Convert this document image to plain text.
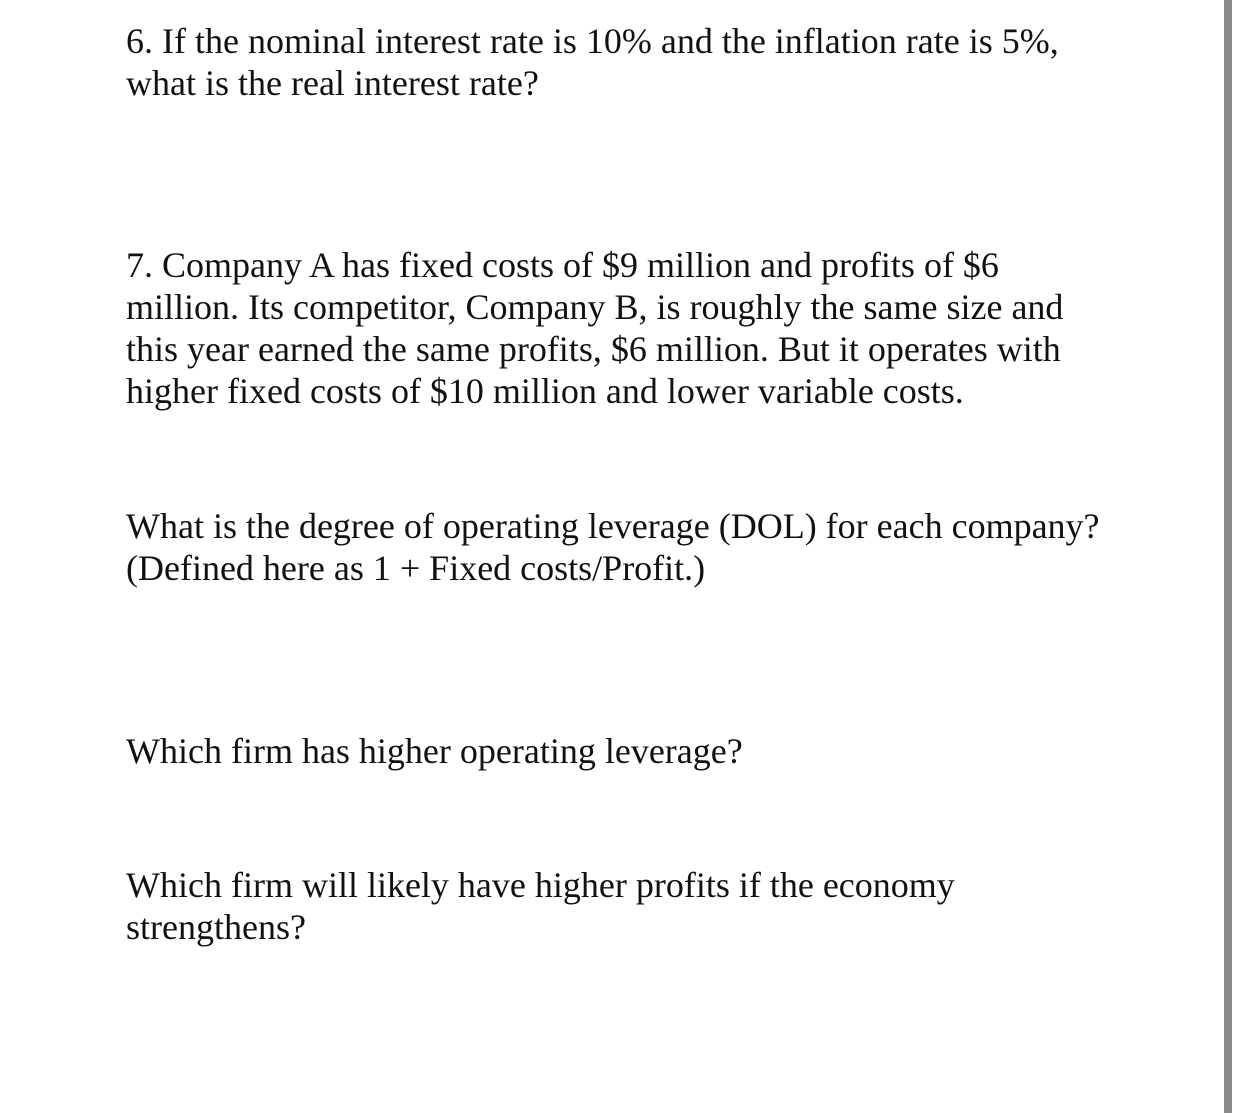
6. If the nominal interest rate is 10% and the inflation rate is 5%,
what is the real interest rate?

7. Company A has fixed costs of $9 million and profits of $6
million. Its competitor, Company B, is roughly the same size and
this year earned the same profits, $6 million. But it operates with
higher fixed costs of $10 million and lower variable costs.

What is the degree of operating leverage (DOL) for each company?
(Defined here as 1 + Fixed costs/Profit.)

Which firm has higher operating leverage?

Which firm will likely have higher profits if the economy
strengthens?
